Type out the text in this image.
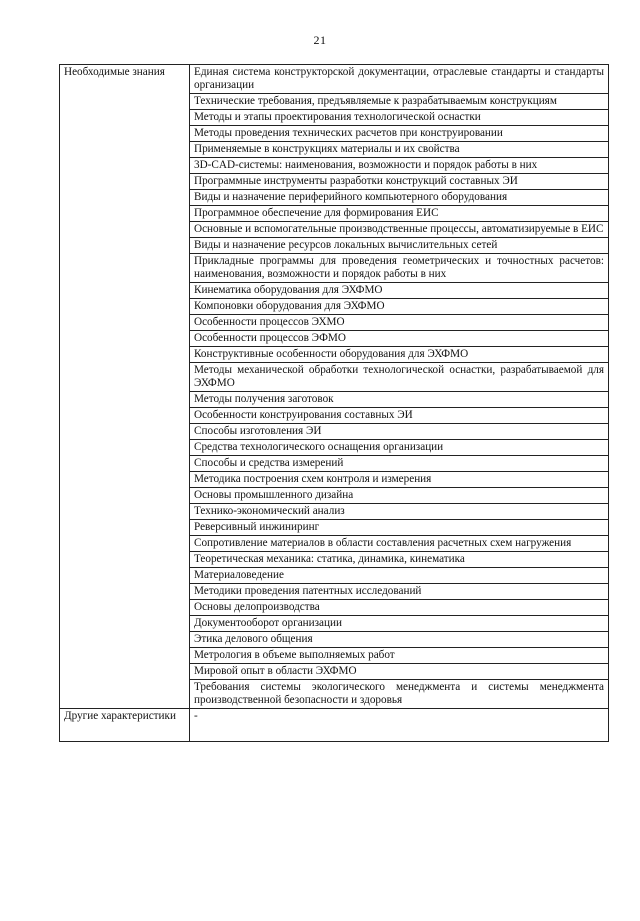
21
Необходимые знания	Единая система конструкторской документации, отраслевые стандарты и стандарты организации
	Технические требования, предъявляемые к разрабатываемым конструкциям
	Методы и этапы проектирования технологической оснастки
	Методы проведения технических расчетов при конструировании
	Применяемые в конструкциях материалы и их свойства
	3D-CAD-системы: наименования, возможности и порядок работы в них
	Программные инструменты разработки конструкций составных ЭИ
	Виды и назначение периферийного компьютерного оборудования
	Программное обеспечение для формирования ЕИС
	Основные и вспомогательные производственные процессы, автоматизируемые в ЕИС
	Виды и назначение ресурсов локальных вычислительных сетей
	Прикладные программы для проведения геометрических и точностных расчетов: наименования, возможности и порядок работы в них
	Кинематика оборудования для ЭХФМО
	Компоновки оборудования для ЭХФМО
	Особенности процессов ЭХМО
	Особенности процессов ЭФМО
	Конструктивные особенности оборудования для ЭХФМО
	Методы механической обработки технологической оснастки, разрабатываемой для ЭХФМО
	Методы получения заготовок
	Особенности конструирования составных ЭИ
	Способы изготовления ЭИ
	Средства технологического оснащения организации
	Способы и средства измерений
	Методика построения схем контроля и измерения
	Основы промышленного дизайна
	Технико-экономический анализ
	Реверсивный инжиниринг
	Сопротивление материалов в области составления расчетных схем нагружения
	Теоретическая механика: статика, динамика, кинематика
	Материаловедение
	Методики проведения патентных исследований
	Основы делопроизводства
	Документооборот организации
	Этика делового общения
	Метрология в объеме выполняемых работ
	Мировой опыт в области ЭХФМО
	Требования системы экологического менеджмента и системы менеджмента производственной безопасности и здоровья
Другие характеристики	-
